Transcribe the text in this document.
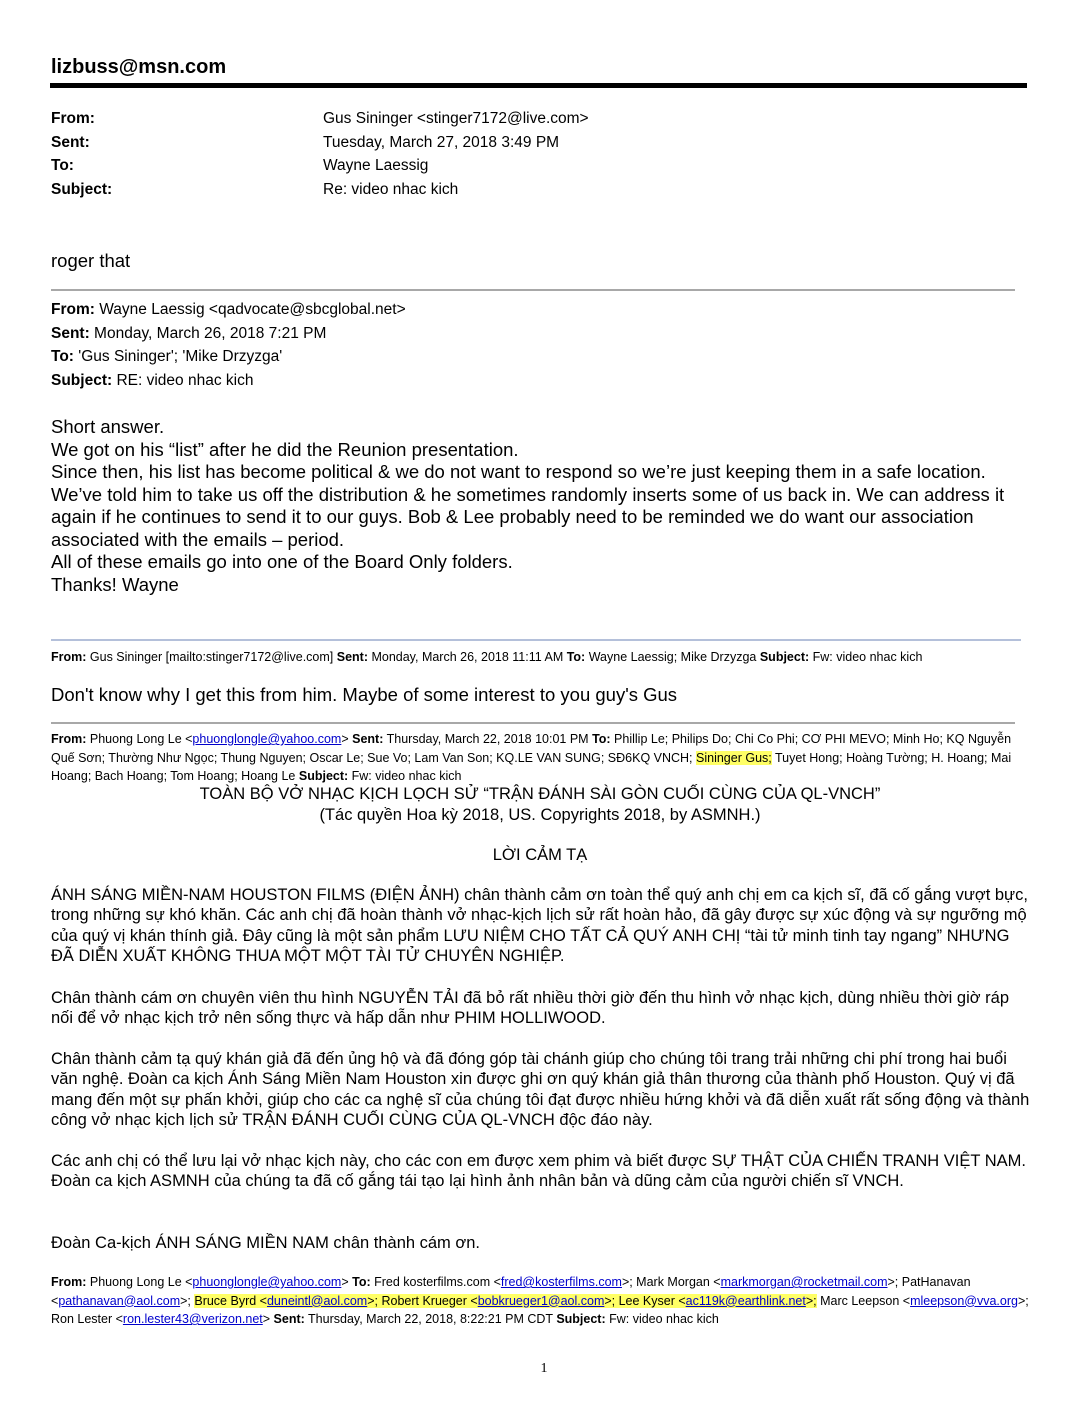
lizbuss@msn.com
From:	Gus Sininger <stinger7172@live.com>
Sent:	Tuesday, March 27, 2018 3:49 PM
To:	Wayne Laessig
Subject:	Re: video nhac kich
roger that
From: Wayne Laessig <qadvocate@sbcglobal.net>
Sent: Monday, March 26, 2018 7:21 PM
To: 'Gus Sininger'; 'Mike Drzyzga'
Subject: RE: video nhac kich
Short answer.
We got on his “list” after he did the Reunion presentation.
Since then, his list has become political & we do not want to respond so we’re just keeping them in a safe location.
We’ve told him to take us off the distribution & he sometimes randomly inserts some of us back in. We can address it again if he continues to send it to our guys. Bob & Lee probably need to be reminded we do want our association associated with the emails – period.
All of these emails go into one of the Board Only folders.
Thanks! Wayne
From: Gus Sininger [mailto:stinger7172@live.com] Sent: Monday, March 26, 2018 11:11 AM To: Wayne Laessig; Mike Drzyzga Subject: Fw: video nhac kich
Don't know why I get this from him. Maybe of some interest to you guy's Gus
From: Phuong Long Le <phuonglongle@yahoo.com> Sent: Thursday, March 22, 2018 10:01 PM To: Phillip Le; Philips Do; Chi Co Phi; CƠ PHI MEVO; Minh Ho; KQ Nguyễn Quế Sơn; Thường Như Ngọc; Thung Nguyen; Oscar Le; Sue Vo; Lam Van Son; KQ.LE VAN SUNG; SÐ6KQ VNCH; Sininger Gus; Tuyet Hong; Hoàng Tường; H. Hoang; Mai Hoang; Bach Hoang; Tom Hoang; Hoang Le Subject: Fw: video nhac kich
TOÀN BỘ VỞ NHẠC KỊCH LỌCH SỬ “TRẬN ĐÁNH SÀI GÒN CUỐI CÙNG CỦA QL-VNCH”
(Tác quyền Hoa kỳ 2018, US. Copyrights 2018, by ASMNH.)
LỜI CẢM TẠ
ÁNH SÁNG MIỀN-NAM HOUSTON FILMS (ĐIỆN ẢNH) chân thành cảm ơn toàn thể quý anh chị em ca kịch sĩ, đã cố gắng vượt bực, trong những sự khó khăn. Các anh chị đã hoàn thành vở nhạc-kịch lịch sử rất hoàn hảo, đã gây được sự xúc động và sự ngưỡng mộ của quý vị khán thính giả. Đây cũng là một sản phẩm LƯU NIỆM CHO TẤT CẢ QUÝ ANH CHỊ “tài tử minh tinh tay ngang” NHƯNG ĐÃ DIỄN XUẤT KHÔNG THUA MỘT MỘT TÀI TỬ CHUYÊN NGHIỆP.
Chân thành cám ơn chuyên viên thu hình NGUYỄN TẢI đã bỏ rất nhiều thời giờ đến thu hình vở nhạc kịch, dùng nhiều thời giờ ráp nối để vở nhạc kịch trở nên sống thực và hấp dẫn như PHIM HOLLIWOOD.
Chân thành cảm tạ quý khán giả đã đến ủng hộ và đã đóng góp tài chánh giúp cho chúng tôi trang trải những chi phí trong hai buổi văn nghệ. Đoàn ca kịch Ánh Sáng Miền Nam Houston xin được ghi ơn quý khán giả thân thương của thành phố Houston. Quý vị đã mang đến một sự phấn khởi, giúp cho các ca nghệ sĩ của chúng tôi đạt được nhiều hứng khởi và đã diễn xuất rất sống động và thành công vở nhạc kịch lịch sử TRẬN ĐÁNH CUỐI CÙNG CỦA QL-VNCH độc đáo này.
Các anh chị có thể lưu lại vở nhạc kịch này, cho các con em được xem phim và biết được SỰ THẬT CỦA CHIẾN TRANH VIỆT NAM. Đoàn ca kịch ASMNH của chúng ta đã cố gắng tái tạo lại hình ảnh nhân bản và dũng cảm của người chiến sĩ VNCH.
Đoàn Ca-kịch ÁNH SÁNG MIỀN NAM chân thành cám ơn.
From: Phuong Long Le <phuonglongle@yahoo.com> To: Fred kosterfilms.com <fred@kosterfilms.com>; Mark Morgan <markmorgan@rocketmail.com>; PatHanavan <pathanavan@aol.com>; Bruce Byrd <duneintl@aol.com>; Robert Krueger <bobkrueger1@aol.com>; Lee Kyser <ac119k@earthlink.net>; Marc Leepson <mleepson@vva.org>; Ron Lester <ron.lester43@verizon.net> Sent: Thursday, March 22, 2018, 8:22:21 PM CDT Subject: Fw: video nhac kich
1
